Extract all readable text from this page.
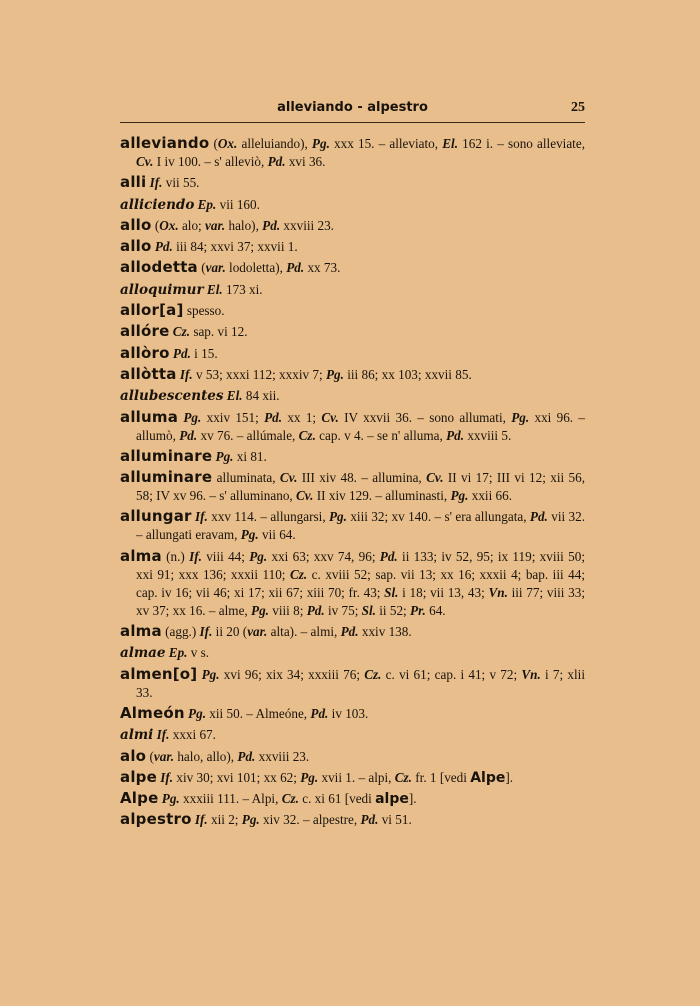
alleviando - alpestro	25

alleviando (Ox. alleluiando), Pg. xxx 15. – alleviato, El. 162 i. – sono alleviate, Cv. I iv 100. – s' alleviò, Pd. xvi 36.

alli If. vii 55.

alliciendo Ep. vii 160.

allo (Ox. alo; var. halo), Pd. xxviii 23.

allo Pd. iii 84; xxvi 37; xxvii 1.

allodetta (var. lodoletta), Pd. xx 73.

alloquimur El. 173 xi.

allor[a] spesso.

allóre Cz. sap. vi 12.

allòro Pd. i 15.

allòtta If. v 53; xxxi 112; xxxiv 7; Pg. iii 86; xx 103; xxvii 85.

allubescentes El. 84 xii.

alluma Pg. xxiv 151; Pd. xx 1; Cv. IV xxvii 36. – sono allumati, Pg. xxi 96. – allumò, Pd. xv 76. – allúmale, Cz. cap. v 4. – se n' alluma, Pd. xxviii 5.

alluminare Pg. xi 81.

alluminare alluminata, Cv. III xiv 48. – allumina, Cv. II vi 17; III vi 12; xii 56, 58; IV xv 96. – s' alluminano, Cv. II xiv 129. – alluminasti, Pg. xxii 66.

allungar If. xxv 114. – allungarsi, Pg. xiii 32; xv 140. – s' era allungata, Pd. vii 32. – allungati eravam, Pg. vii 64.

alma (n.) If. viii 44; Pg. xxi 63; xxv 74, 96; Pd. ii 133; iv 52, 95; ix 119; xviii 50; xxi 91; xxx 136; xxxii 110; Cz. c. xviii 52; sap. vii 13; xx 16; xxxii 4; bap. iii 44; cap. iv 16; vii 46; xi 17; xii 67; xiii 70; fr. 43; Sl. i 18; vii 13, 43; Vn. iii 77; viii 33; xv 37; xx 16. – alme, Pg. viii 8; Pd. iv 75; Sl. ii 52; Pr. 64.

alma (agg.) If. ii 20 (var. alta). – almi, Pd. xxiv 138.

almae Ep. v s.

almen[o] Pg. xvi 96; xix 34; xxxiii 76; Cz. c. vi 61; cap. i 41; v 72; Vn. i 7; xlii 33.

Almeón Pg. xii 50. – Almeóne, Pd. iv 103.

almi If. xxxi 67.

alo (var. halo, allo), Pd. xxviii 23.

alpe If. xiv 30; xvi 101; xx 62; Pg. xvii 1. – alpi, Cz. fr. 1 [vedi Alpe].

Alpe Pg. xxxiii 111. – Alpi, Cz. c. xi 61 [vedi alpe].

alpestro If. xii 2; Pg. xiv 32. – alpestre, Pd. vi 51.
